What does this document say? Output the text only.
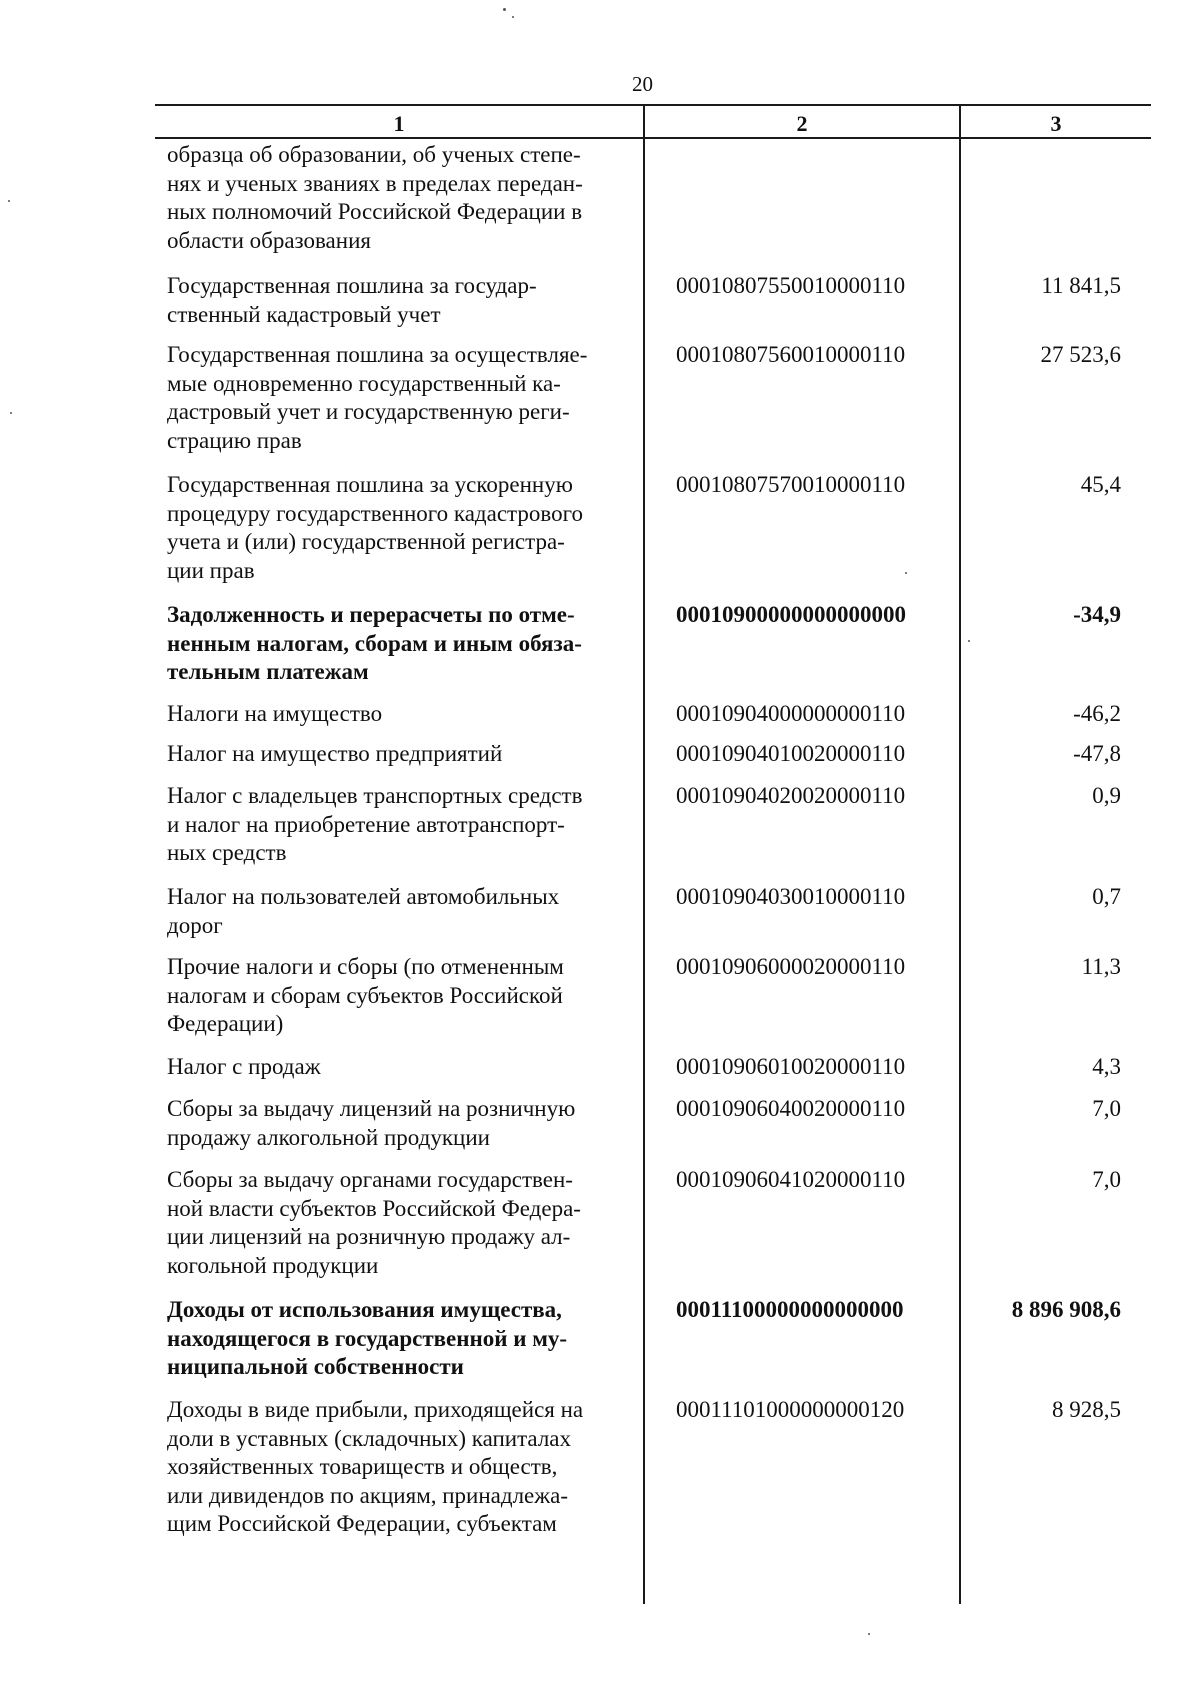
20
1	2	3
образца об образовании, об ученых степе-
нях и ученых званиях в пределах передан-
ных полномочий Российской Федерации в
области образования
Государственная пошлина за государ-
ственный кадастровый учет
00010807550010000110	11 841,5
Государственная пошлина за осуществляе-
мые одновременно государственный ка-
дастровый учет и государственную реги-
страцию прав
00010807560010000110	27 523,6
Государственная пошлина за ускоренную
процедуру государственного кадастрового
учета и (или) государственной регистра-
ции прав
00010807570010000110	45,4
Задолженность и перерасчеты по отме-
ненным налогам, сборам и иным обяза-
тельным платежам
00010900000000000000	-34,9
Налоги на имущество	00010904000000000110	-46,2
Налог на имущество предприятий	00010904010020000110	-47,8
Налог с владельцев транспортных средств
и налог на приобретение автотранспорт-
ных средств
00010904020020000110	0,9
Налог на пользователей автомобильных
дорог
00010904030010000110	0,7
Прочие налоги и сборы (по отмененным
налогам и сборам субъектов Российской
Федерации)
00010906000020000110	11,3
Налог с продаж	00010906010020000110	4,3
Сборы за выдачу лицензий на розничную
продажу алкогольной продукции
00010906040020000110	7,0
Сборы за выдачу органами государствен-
ной власти субъектов Российской Федера-
ции лицензий на розничную продажу ал-
когольной продукции
00010906041020000110	7,0
Доходы от использования имущества,
находящегося в государственной и му-
ниципальной собственности
00011100000000000000	8 896 908,6
Доходы в виде прибыли, приходящейся на
доли в уставных (складочных) капиталах
хозяйственных товариществ и обществ,
или дивидендов по акциям, принадлежа-
щим Российской Федерации, субъектам
00011101000000000120	8 928,5
